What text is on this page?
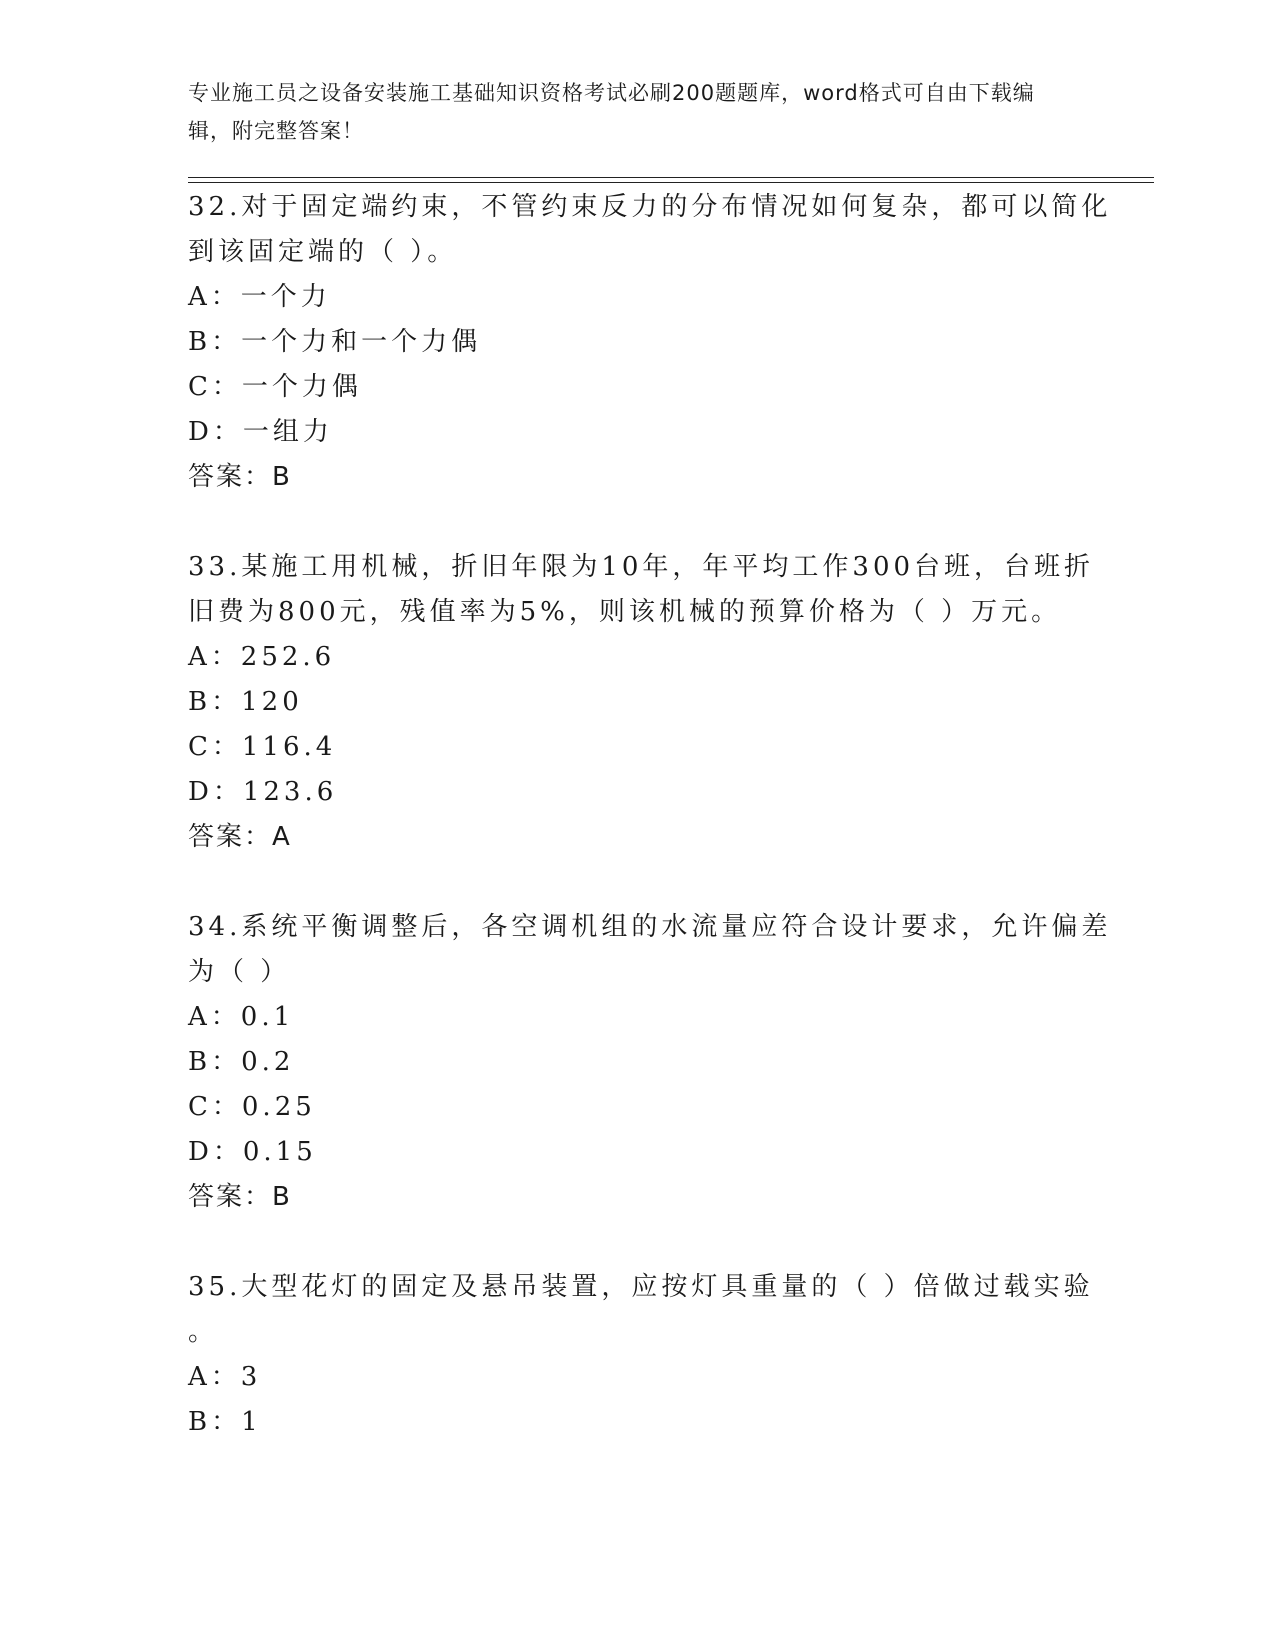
专业施工员之设备安装施工基础知识资格考试必刷200题题库，word格式可自由下载编辑，附完整答案！
32.对于固定端约束，不管约束反力的分布情况如何复杂，都可以简化
到该固定端的（ ）。
A：一个力
B：一个力和一个力偶
C：一个力偶
D：一组力
答案：B
33.某施工用机械，折旧年限为10年，年平均工作300台班，台班折
旧费为800元，残值率为5%，则该机械的预算价格为（ ）万元。
A：252.6
B：120
C：116.4
D：123.6
答案：A
34.系统平衡调整后，各空调机组的水流量应符合设计要求，允许偏差
为（ ）
A：0.1
B：0.2
C：0.25
D：0.15
答案：B
35.大型花灯的固定及悬吊装置，应按灯具重量的（ ）倍做过载实验
。
A：3
B：1
